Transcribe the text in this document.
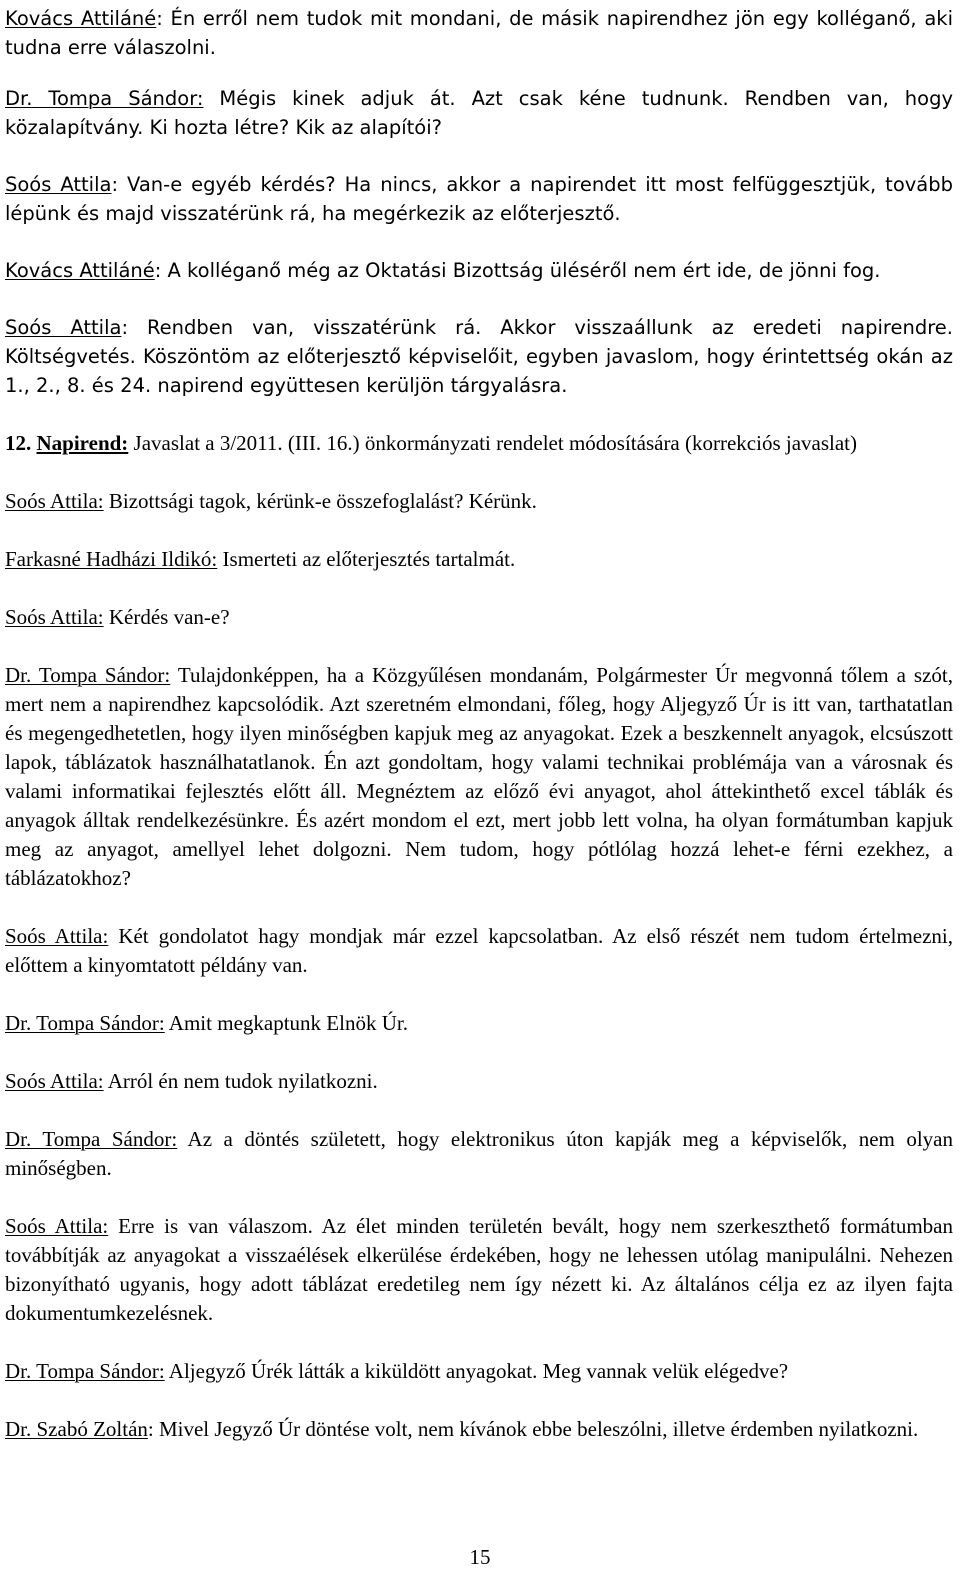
Kovács Attiláné: Én erről nem tudok mit mondani, de másik napirendhez jön egy kolléganő, aki tudna erre válaszolni.

Dr. Tompa Sándor: Mégis kinek adjuk át. Azt csak kéne tudnunk. Rendben van, hogy közalapítvány. Ki hozta létre? Kik az alapítói?

Soós Attila: Van-e egyéb kérdés? Ha nincs, akkor a napirendet itt most felfüggesztjük, tovább lépünk és majd visszatérünk rá, ha megérkezik az előterjesztő.

Kovács Attiláné: A kolléganő még az Oktatási Bizottság üléséről nem ért ide, de jönni fog.

Soós Attila: Rendben van, visszatérünk rá. Akkor visszaállunk az eredeti napirendre. Költségvetés. Köszöntöm az előterjesztő képviselőit, egyben javaslom, hogy érintettség okán az 1., 2., 8. és 24. napirend együttesen kerüljön tárgyalásra.

12. Napirend: Javaslat a 3/2011. (III. 16.) önkormányzati rendelet módosítására (korrekciós javaslat)

Soós Attila: Bizottsági tagok, kérünk-e összefoglalást? Kérünk.

Farkasné Hadházi Ildikó: Ismerteti az előterjesztés tartalmát.

Soós Attila: Kérdés van-e?

Dr. Tompa Sándor: Tulajdonképpen, ha a Közgyűlésen mondanám, Polgármester Úr megvonná tőlem a szót, mert nem a napirendhez kapcsolódik. Azt szeretném elmondani, főleg, hogy Aljegyző Úr is itt van, tarthatatlan és megengedhetetlen, hogy ilyen minőségben kapjuk meg az anyagokat. Ezek a beszkennelt anyagok, elcsúszott lapok, táblázatok használhatatlanok. Én azt gondoltam, hogy valami technikai problémája van a városnak és valami informatikai fejlesztés előtt áll. Megnéztem az előző évi anyagot, ahol áttekinthető excel táblák és anyagok álltak rendelkezésünkre. És azért mondom el ezt, mert jobb lett volna, ha olyan formátumban kapjuk meg az anyagot, amellyel lehet dolgozni. Nem tudom, hogy pótlólag hozzá lehet-e férni ezekhez, a táblázatokhoz?

Soós Attila: Két gondolatot hagy mondjak már ezzel kapcsolatban. Az első részét nem tudom értelmezni, előttem a kinyomtatott példány van.

Dr. Tompa Sándor: Amit megkaptunk Elnök Úr.

Soós Attila: Arról én nem tudok nyilatkozni.

Dr. Tompa Sándor: Az a döntés született, hogy elektronikus úton kapják meg a képviselők, nem olyan minőségben.

Soós Attila: Erre is van válaszom. Az élet minden területén bevált, hogy nem szerkeszthető formátumban továbbítják az anyagokat a visszaélések elkerülése érdekében, hogy ne lehessen utólag manipulálni. Nehezen bizonyítható ugyanis, hogy adott táblázat eredetileg nem így nézett ki. Az általános célja ez az ilyen fajta dokumentumkezelésnek.

Dr. Tompa Sándor: Aljegyző Úrék látták a kiküldött anyagokat. Meg vannak velük elégedve?

Dr. Szabó Zoltán: Mivel Jegyző Úr döntése volt, nem kívánok ebbe beleszólni, illetve érdemben nyilatkozni.

15
